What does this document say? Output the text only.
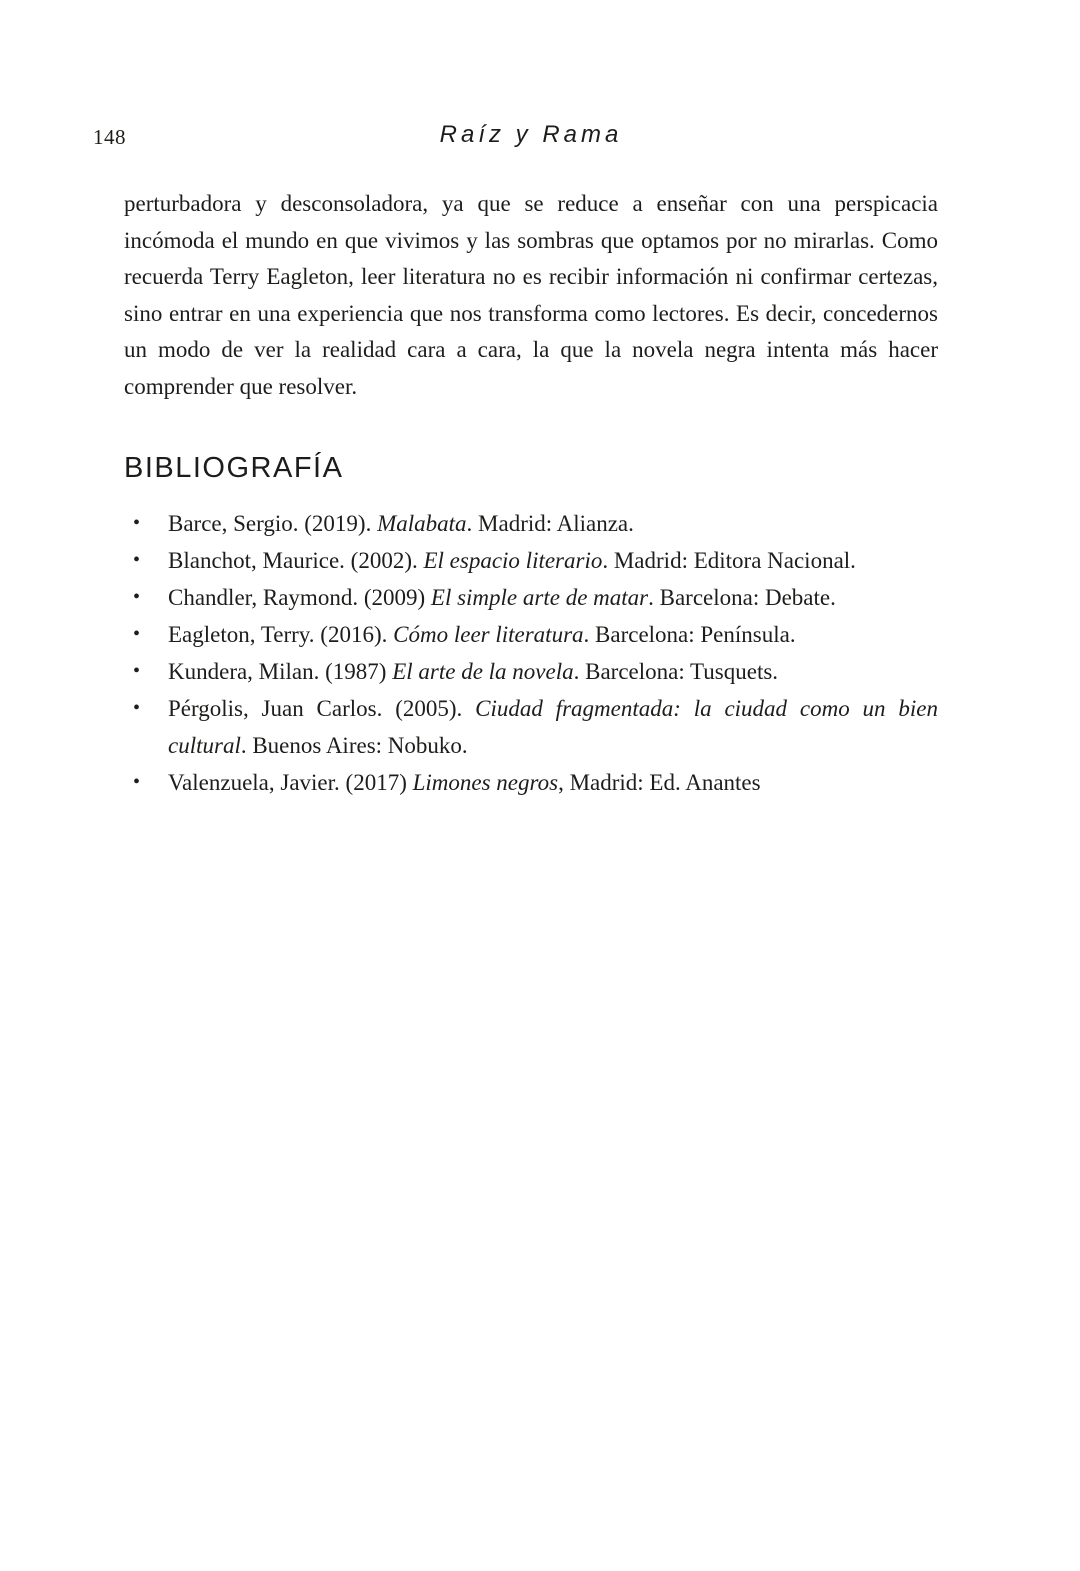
148	Raíz y Rama

perturbadora y desconsoladora, ya que se reduce a enseñar con una perspicacia incómoda el mundo en que vivimos y las sombras que optamos por no mirarlas. Como recuerda Terry Eagleton, leer literatura no es recibir información ni confirmar certezas, sino entrar en una experiencia que nos transforma como lectores. Es decir, concedernos un modo de ver la realidad cara a cara, la que la novela negra intenta más hacer comprender que resolver.

BIBLIOGRAFÍA
•	Barce, Sergio. (2019). Malabata. Madrid: Alianza.
•	Blanchot, Maurice. (2002). El espacio literario. Madrid: Editora Nacional.
•	Chandler, Raymond. (2009) El simple arte de matar. Barcelona: Debate.
•	Eagleton, Terry. (2016). Cómo leer literatura. Barcelona: Península.
•	Kundera, Milan. (1987) El arte de la novela. Barcelona: Tusquets.
•	Pérgolis, Juan Carlos. (2005). Ciudad fragmentada: la ciudad como un bien cultural. Buenos Aires: Nobuko.
•	Valenzuela, Javier. (2017) Limones negros, Madrid: Ed. Anantes
